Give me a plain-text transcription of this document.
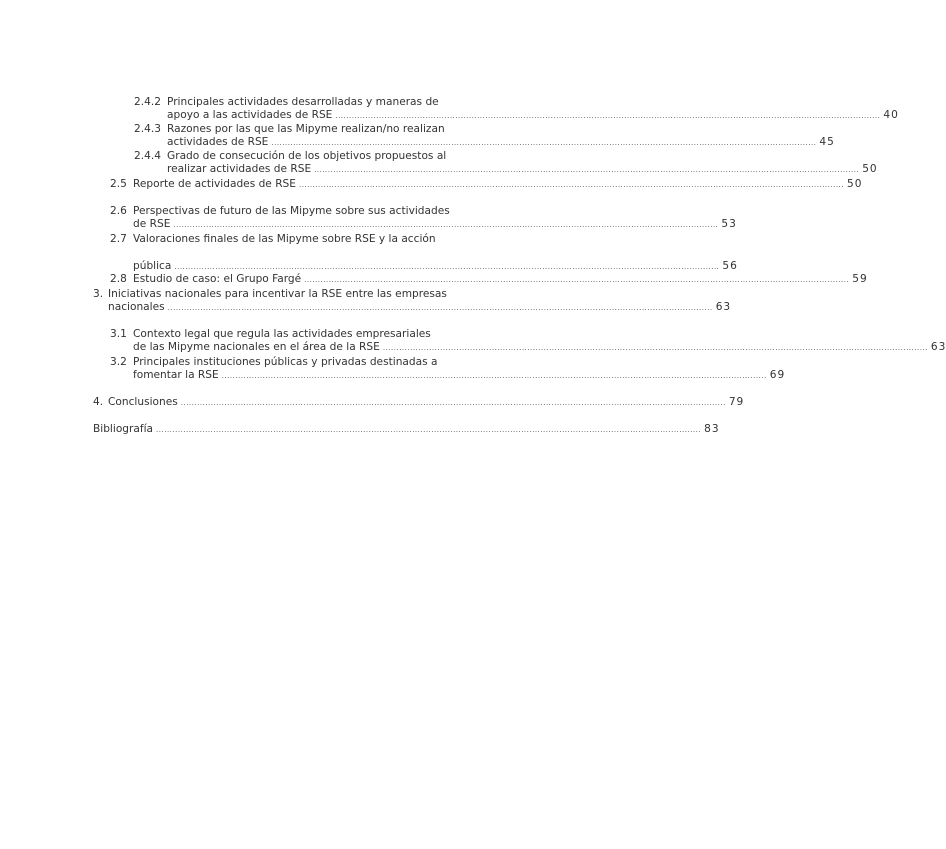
2.4.2 Principales actividades desarrolladas y maneras de
apoyo a las actividades de RSE ........................................................................................................................................................................................................ 40
2.4.3 Razones por las que las Mipyme realizan/no realizan
actividades de RSE ........................................................................................................................................................................................................ 45
2.4.4 Grado de consecución de los objetivos propuestos al
realizar actividades de RSE ........................................................................................................................................................................................................ 50
2.5 Reporte de actividades de RSE ........................................................................................................................................................................................................ 50
2.6 Perspectivas de futuro de las Mipyme sobre sus actividades
de RSE ........................................................................................................................................................................................................ 53
2.7 Valoraciones finales de las Mipyme sobre RSE y la acción
pública ........................................................................................................................................................................................................ 56
2.8 Estudio de caso: el Grupo Fargé ........................................................................................................................................................................................................ 59
3. Iniciativas nacionales para incentivar la RSE entre las empresas
nacionales ........................................................................................................................................................................................................ 63
3.1 Contexto legal que regula las actividades empresariales
de las Mipyme nacionales en el área de la RSE ........................................................................................................................................................................................................ 63
3.2 Principales instituciones públicas y privadas destinadas a
fomentar la RSE ........................................................................................................................................................................................................ 69
4. Conclusiones ........................................................................................................................................................................................................ 79
Bibliografía ........................................................................................................................................................................................................ 83
